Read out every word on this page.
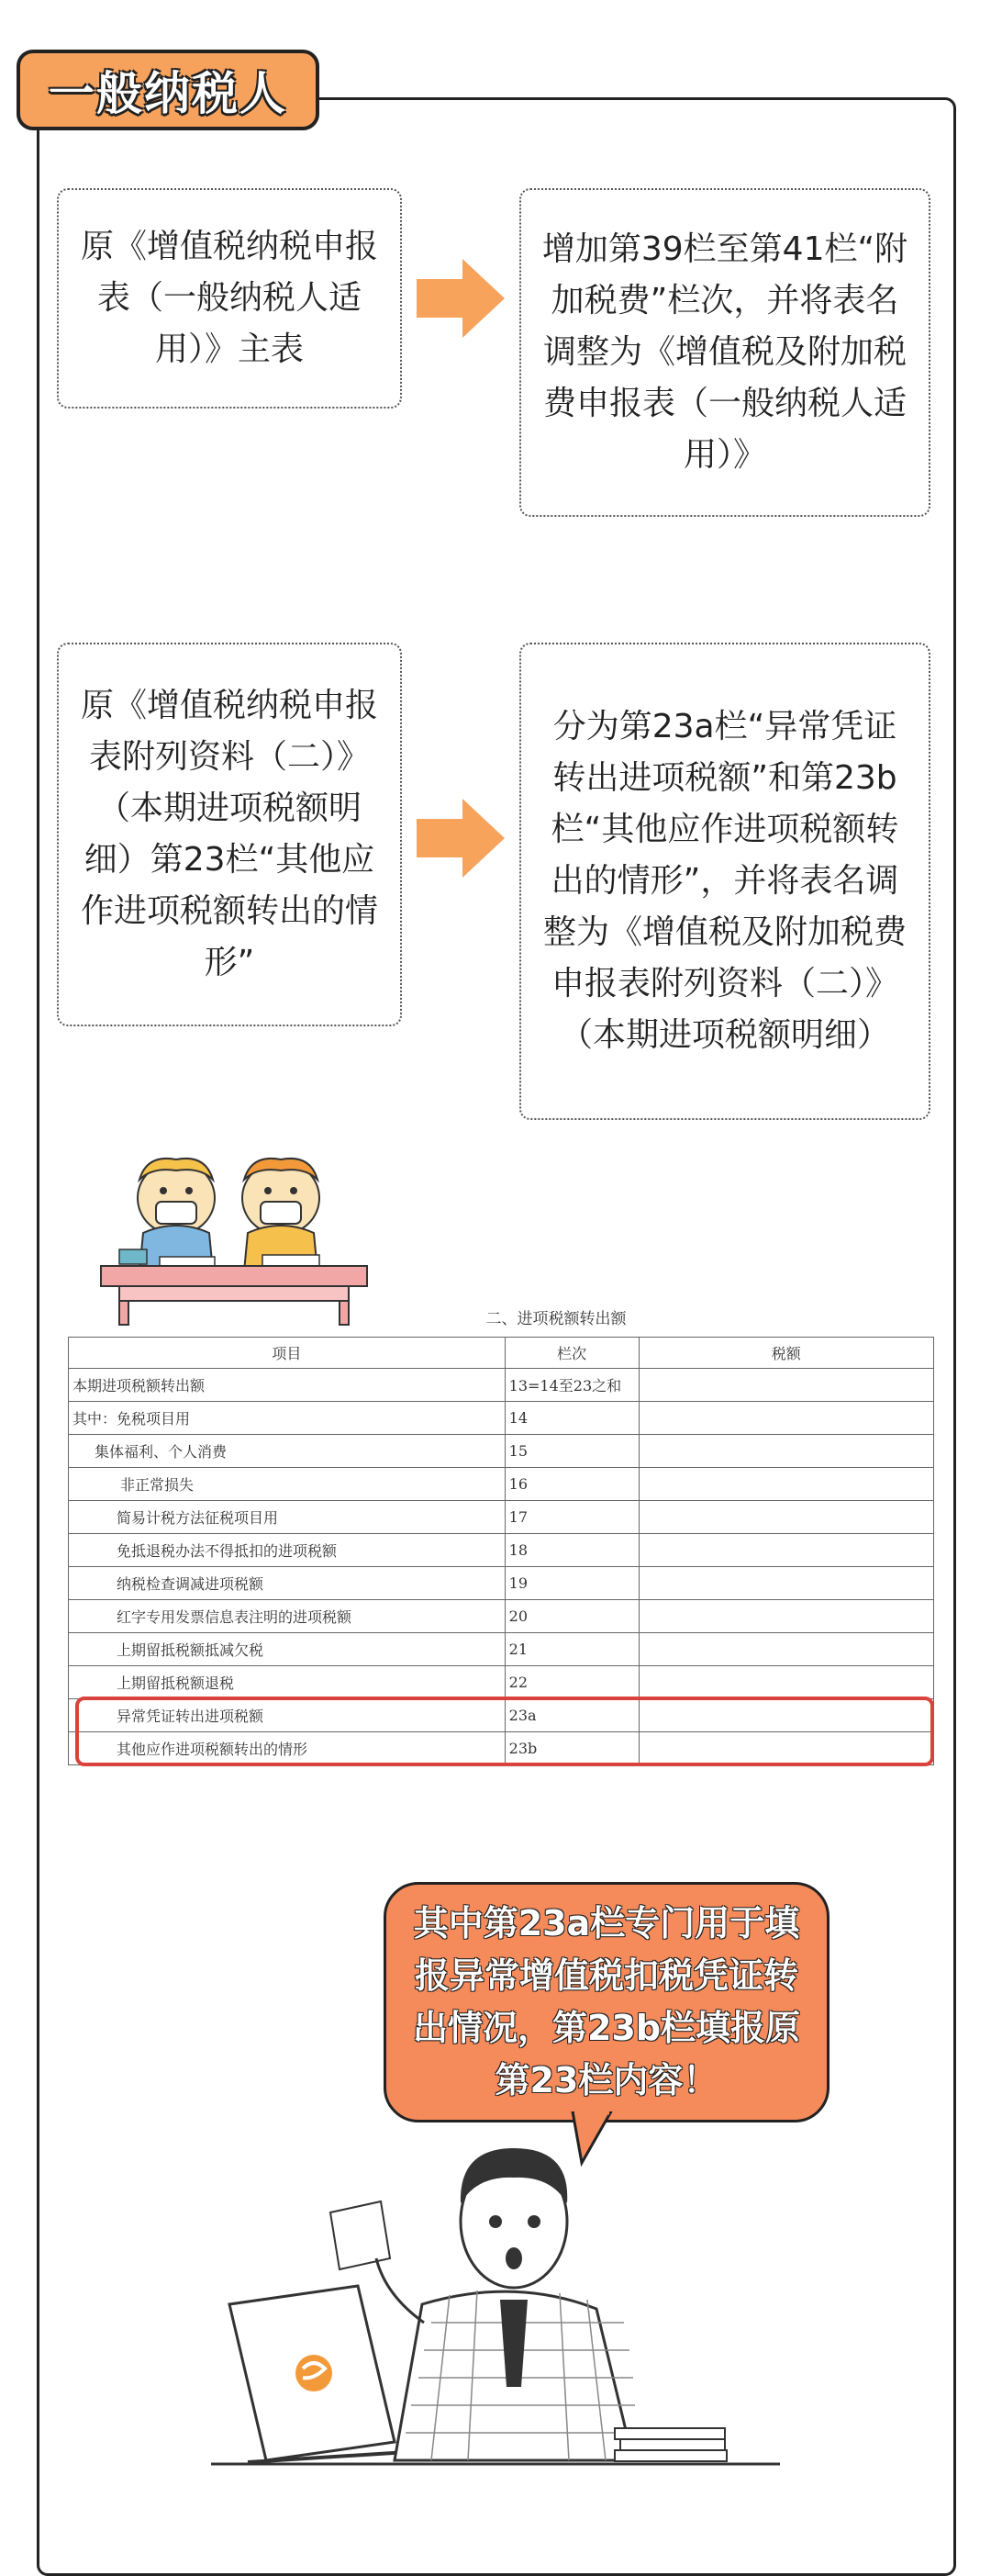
一般纳税人
原《增值税纳税申报表（一般纳税人适用）》主表
增加第39栏至第41栏“附加税费”栏次，并将表名调整为《增值税及附加税费申报表（一般纳税人适用）》
原《增值税纳税申报表附列资料（二）》（本期进项税额明细）第23栏“其他应作进项税额转出的情形”
分为第23a栏“异常凭证转出进项税额”和第23b栏“其他应作进项税额转出的情形”，并将表名调整为《增值税及附加税费申报表附列资料（二）》（本期进项税额明细）
二、进项税额转出额
项目	栏次	税额
本期进项税额转出额	13=14至23之和	
其中：免税项目用	14	
集体福利、个人消费	15	
非正常损失	16	
简易计税方法征税项目用	17	
免抵退税办法不得抵扣的进项税额	18	
纳税检查调减进项税额	19	
红字专用发票信息表注明的进项税额	20	
上期留抵税额抵减欠税	21	
上期留抵税额退税	22	
异常凭证转出进项税额	23a	
其他应作进项税额转出的情形	23b	
其中第23a栏专门用于填报异常增值税扣税凭证转出情况，第23b栏填报原第23栏内容！
